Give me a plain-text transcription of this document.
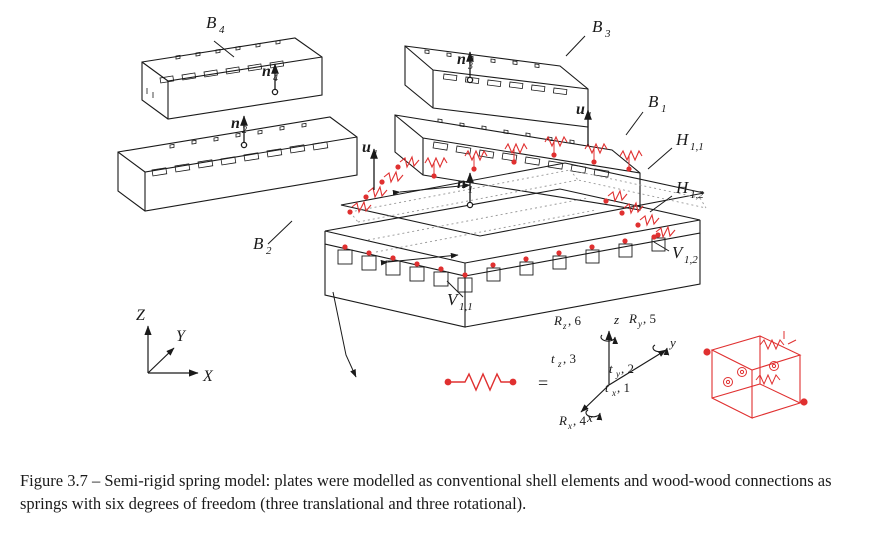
B 4	B 3
B 2
B 1
H 1,1
H 1,2
V 1,2
V 1,1
n 1
n 2
n 3
n 4
u 1
u 1
Z
Y
X	=
z
y
x
R z , 6	R y , 5
R x , 4
t z , 3
t y , 2
t x , 1
Figure 3.7 – Semi-rigid spring model: plates were modelled as conventional shell elements and wood-wood connections as springs with six degrees of freedom (three translational and three rotational).
